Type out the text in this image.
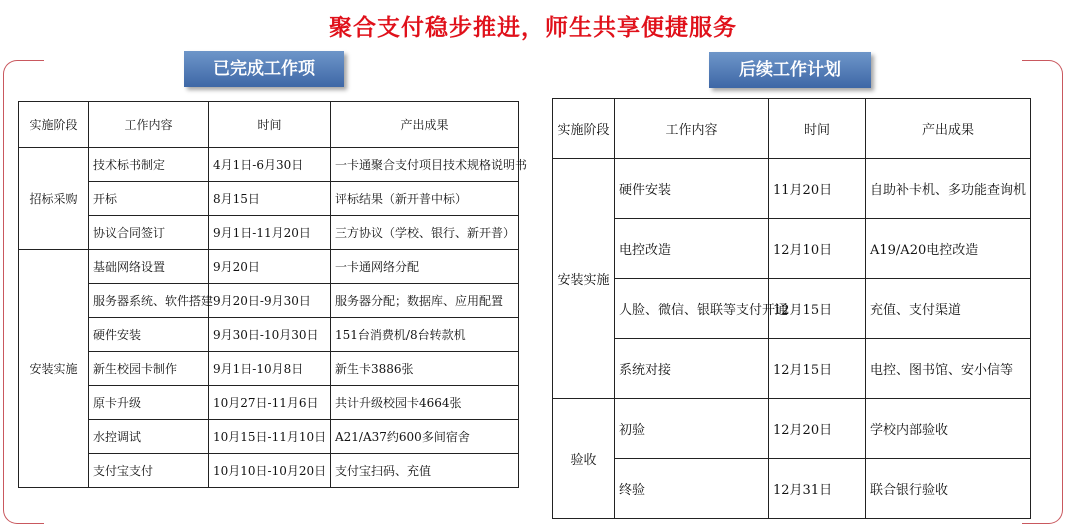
聚合支付稳步推进，师生共享便捷服务
已完成工作项	后续工作计划
实施阶段	工作内容	时间	产出成果
招标采购	技术标书制定	4月1日-6月30日	一卡通聚合支付项目技术规格说明书
	开标	8月15日	评标结果（新开普中标）
	协议合同签订	9月1日-11月20日	三方协议（学校、银行、新开普）
安装实施	基础网络设置	9月20日	一卡通网络分配
	服务器系统、软件搭建	9月20日-9月30日	服务器分配；数据库、应用配置
	硬件安装	9月30日-10月30日	151台消费机/8台转款机
	新生校园卡制作	9月1日-10月8日	新生卡3886张
	原卡升级	10月27日-11月6日	共计升级校园卡4664张
	水控调试	10月15日-11月10日	A21/A37约600多间宿舍
	支付宝支付	10月10日-10月20日	支付宝扫码、充值
实施阶段	工作内容	时间	产出成果
安装实施	硬件安装	11月20日	自助补卡机、多功能查询机
	电控改造	12月10日	A19/A20电控改造
	人脸、微信、银联等支付开通	12月15日	充值、支付渠道
	系统对接	12月15日	电控、图书馆、安小信等
验收	初验	12月20日	学校内部验收
	终验	12月31日	联合银行验收
